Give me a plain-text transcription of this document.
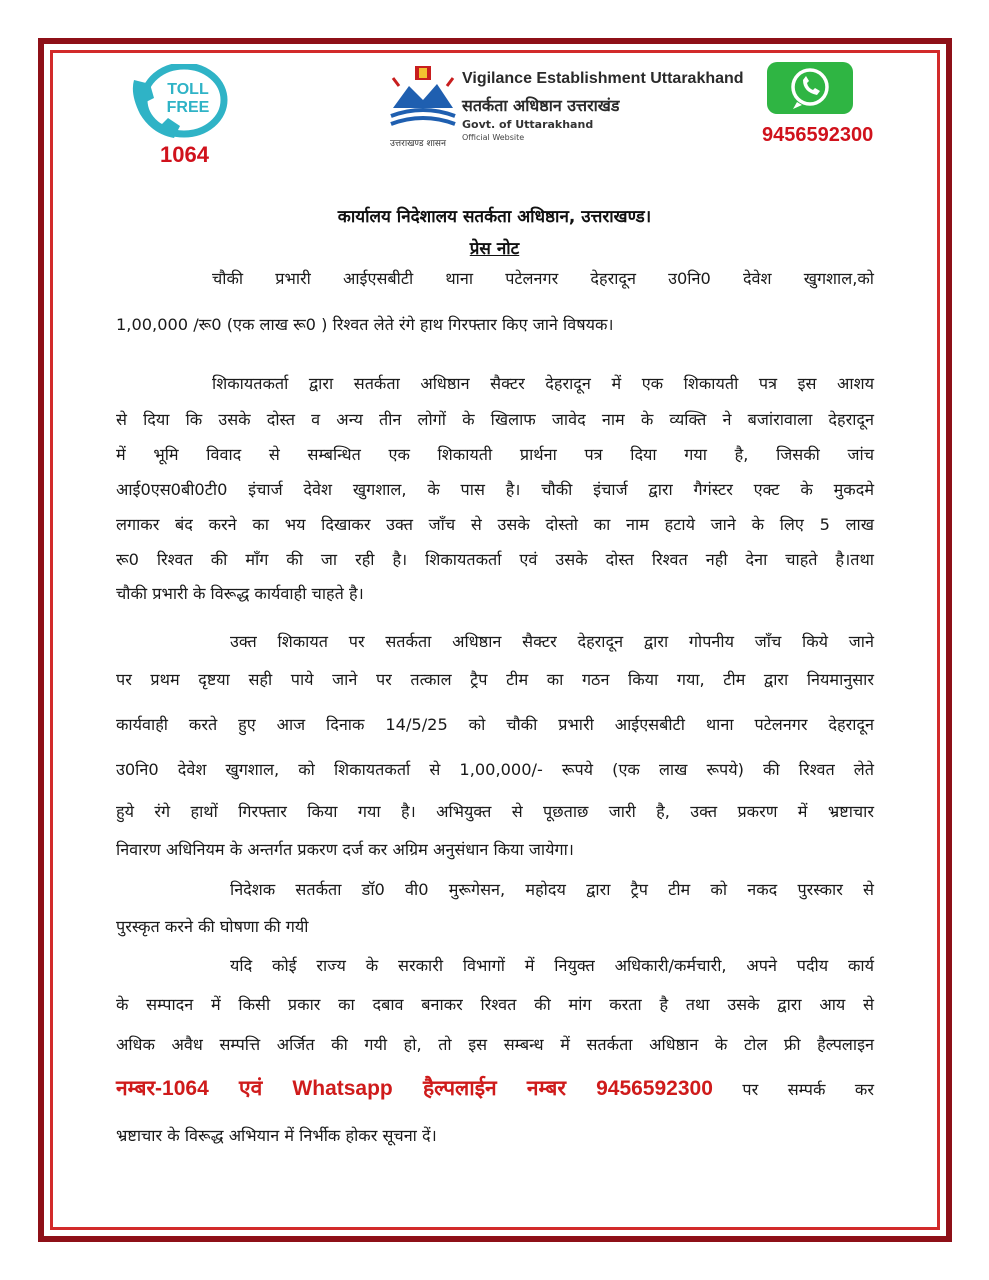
TOLL
FREE
1064	उत्तराखण्ड शासन
Vigilance Establishment Uttarakhand
सतर्कता अधिष्ठान उत्तराखंड
Govt. of Uttarakhand
Official Website	9456592300
कार्यालय निदेशालय सतर्कता अधिष्ठान, उत्तराखण्ड।
प्रेस नोट
चौकी प्रभारी आईएसबीटी थाना पटेलनगर देहरादून उ0नि0 देवेश खुगशाल,को
1,00,000 /रू0 (एक लाख रू0 ) रिश्वत लेते रंगे हाथ गिरफ्तार किए जाने विषयक।
शिकायतकर्ता द्वारा सतर्कता अधिष्ठान सैक्टर देहरादून में एक शिकायती पत्र इस आशय
से दिया कि उसके दोस्त व अन्य तीन लोगों के खिलाफ जावेद नाम के व्यक्ति ने बजांरावाला देहरादून
में भूमि विवाद से सम्बन्धित एक शिकायती प्रार्थना पत्र दिया गया है, जिसकी जांच
आई0एस0बी0टी0 इंचार्ज देवेश खुगशाल, के पास है। चौकी इंचार्ज द्वारा गैगंस्टर एक्ट के मुकदमे
लगाकर बंद करने का भय दिखाकर उक्त जाँच से उसके दोस्तो का नाम हटाये जाने के लिए 5 लाख
रू0 रिश्वत की माँग की जा रही है। शिकायतकर्ता एवं उसके दोस्त रिश्वत नही देना चाहते है।तथा
चौकी प्रभारी के विरूद्ध कार्यवाही चाहते है।
उक्त शिकायत पर सतर्कता अधिष्ठान सैक्टर देहरादून द्वारा गोपनीय जाँच किये जाने
पर प्रथम दृष्टया सही पाये जाने पर तत्काल ट्रैप टीम का गठन किया गया, टीम द्वारा नियमानुसार
कार्यवाही करते हुए आज दिनाक 14/5/25 को चौकी प्रभारी आईएसबीटी थाना पटेलनगर देहरादून
उ0नि0 देवेश खुगशाल, को शिकायतकर्ता से 1,00,000/- रूपये (एक लाख रूपये) की रिश्वत लेते
हुये रंगे हाथों गिरफ्तार किया गया है। अभियुक्त से पूछताछ जारी है, उक्त प्रकरण में भ्रष्टाचार
निवारण अधिनियम के अन्तर्गत प्रकरण दर्ज कर अग्रिम अनुसंधान किया जायेगा।
निदेशक सतर्कता डॉ0 वी0 मुरूगेसन, महोदय द्वारा ट्रैप टीम को नकद पुरस्कार से
पुरस्कृत करने की घोषणा की गयी
यदि कोई राज्य के सरकारी विभागों में नियुक्त अधिकारी/कर्मचारी, अपने पदीय कार्य
के सम्पादन में किसी प्रकार का दबाव बनाकर रिश्वत की मांग करता है तथा उसके द्वारा आय से
अधिक अवैध सम्पत्ति अर्जित की गयी हो, तो इस सम्बन्ध में सतर्कता अधिष्ठान के टोल फ्री हैल्पलाइन
नम्बर-1064 एवं Whatsapp हैल्पलाईन नम्बर 9456592300 पर सम्पर्क कर
भ्रष्टाचार के विरूद्ध अभियान में निर्भीक होकर सूचना दें।
